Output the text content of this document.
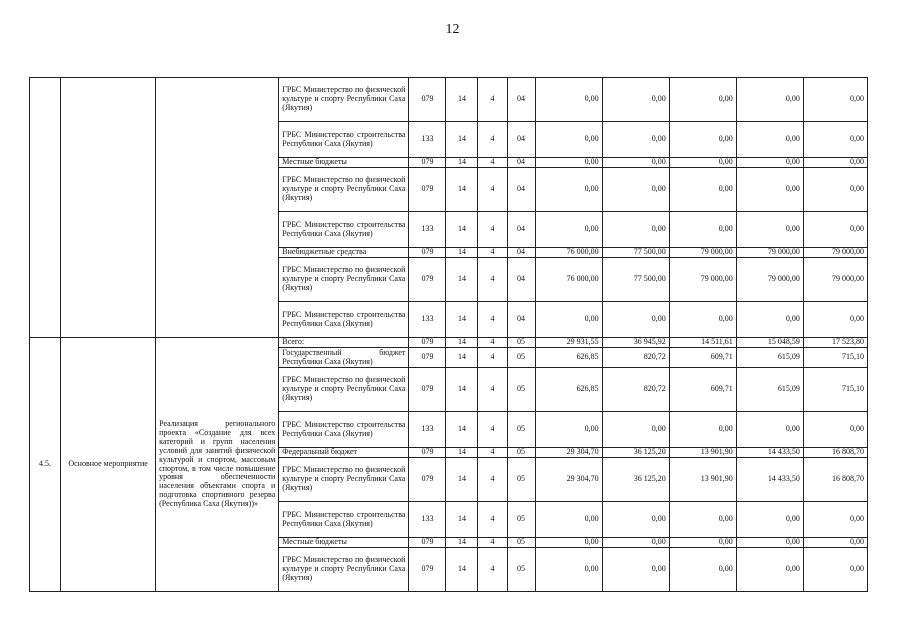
12
			ГРБС Министерство по физической культуре и спорту Республики Саха (Якутия)	079	14	4	04	0,00	0,00	0,00	0,00	0,00
			ГРБС Министерство строительства Республики Саха (Якутия)	133	14	4	04	0,00	0,00	0,00	0,00	0,00
			Местные бюджеты	079	14	4	04	0,00	0,00	0,00	0,00	0,00
			ГРБС Министерство по физической культуре и спорту Республики Саха (Якутия)	079	14	4	04	0,00	0,00	0,00	0,00	0,00
			ГРБС Министерство строительства Республики Саха (Якутия)	133	14	4	04	0,00	0,00	0,00	0,00	0,00
			Внебюджетные средства	079	14	4	04	76 000,00	77 500,00	79 000,00	79 000,00	79 000,00
			ГРБС Министерство по физической культуре и спорту Республики Саха (Якутия)	079	14	4	04	76 000,00	77 500,00	79 000,00	79 000,00	79 000,00
			ГРБС Министерство строительства Республики Саха (Якутия)	133	14	4	04	0,00	0,00	0,00	0,00	0,00
4.5.	Основное мероприятие	Реализация регионального проекта «Создание для всех категорий и групп населения условий для занятий физической культурой и спортом, массовым спортом, в том числе повышение уровня обеспеченности населения объектами спорта и подготовка спортивного резерва (Республика Саха (Якутия))»	Всего:	079	14	4	05	29 931,55	36 945,92	14 511,61	15 048,59	17 523,80
			Государственный бюджет Республики Саха (Якутия)	079	14	4	05	626,85	820,72	609,71	615,09	715,10
			ГРБС Министерство по физической культуре и спорту Республики Саха (Якутия)	079	14	4	05	626,85	820,72	609,71	615,09	715,10
			ГРБС Министерство строительства Республики Саха (Якутия)	133	14	4	05	0,00	0,00	0,00	0,00	0,00
			Федеральный бюджет	079	14	4	05	29 304,70	36 125,20	13 901,90	14 433,50	16 808,70
			ГРБС Министерство по физической культуре и спорту Республики Саха (Якутия)	079	14	4	05	29 304,70	36 125,20	13 901,90	14 433,50	16 808,70
			ГРБС Министерство строительства Республики Саха (Якутия)	133	14	4	05	0,00	0,00	0,00	0,00	0,00
			Местные бюджеты	079	14	4	05	0,00	0,00	0,00	0,00	0,00
			ГРБС Министерство по физической культуре и спорту Республики Саха (Якутия)	079	14	4	05	0,00	0,00	0,00	0,00	0,00
